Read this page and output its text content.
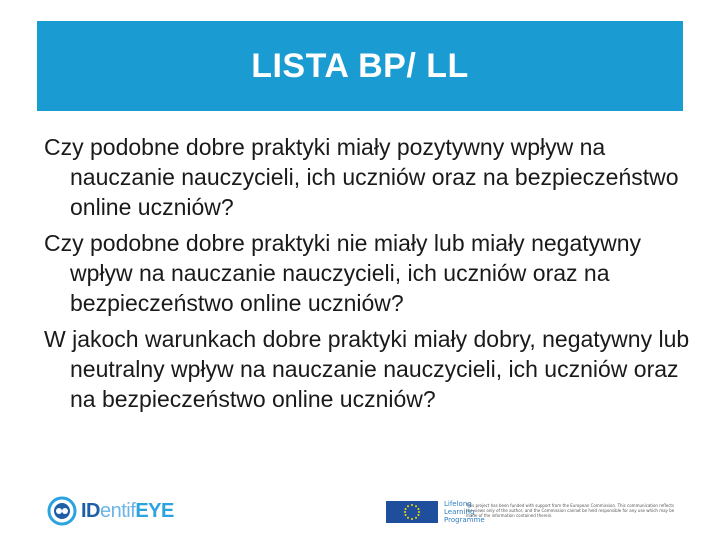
LISTA BP/ LL

Czy podobne dobre praktyki miały pozytywny wpływ na nauczanie nauczycieli, ich uczniów oraz na bezpieczeństwo online uczniów?

Czy podobne dobre praktyki nie miały lub miały negatywny wpływ na nauczanie nauczycieli, ich uczniów oraz na bezpieczeństwo online uczniów?

W jakoch warunkach dobre praktyki miały dobry, negatywny lub neutralny wpływ na nauczanie nauczycieli, ich uczniów oraz na bezpieczeństwo online uczniów?

IDentifEYE	Lifelong
Learning
Programme
This project has been funded with support from the European Commission. This communication reflects the views only of the author, and the Commission cannot be held responsible for any use which may be made of the information contained therein.
